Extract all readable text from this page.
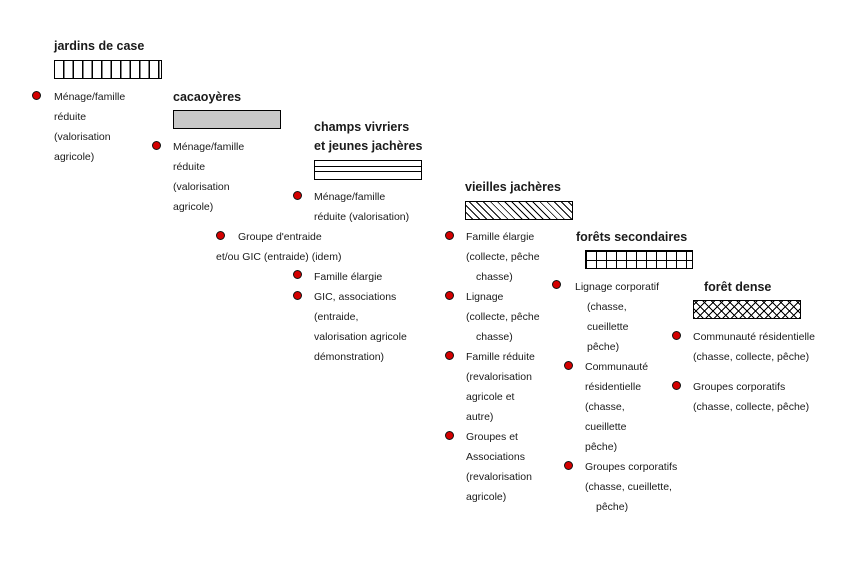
jardins de case
cacaoyères
champs vivriers
et jeunes jachères
vieilles jachères
forêts secondaires
forêt dense
Ménage/famille
réduite
(valorisation
agricole)
Ménage/famille
réduite
(valorisation
agricole)
Ménage/famille
réduite (valorisation)
Groupe d'entraide
et/ou GIC (entraide) (idem)
Famille élargie
GIC, associations
(entraide,
valorisation agricole
démonstration)
Famille élargie
(collecte, pêche
chasse)
Lignage
(collecte, pêche
chasse)
Famille réduite
(revalorisation
agricole et
autre)
Groupes et
Associations
(revalorisation
agricole)
Lignage corporatif
(chasse,
cueillette
pêche)
Communauté
résidentielle
(chasse,
cueillette
pêche)
Groupes corporatifs
(chasse, cueillette,
pêche)
Communauté résidentielle
(chasse, collecte, pêche)
Groupes corporatifs
(chasse, collecte, pêche)
